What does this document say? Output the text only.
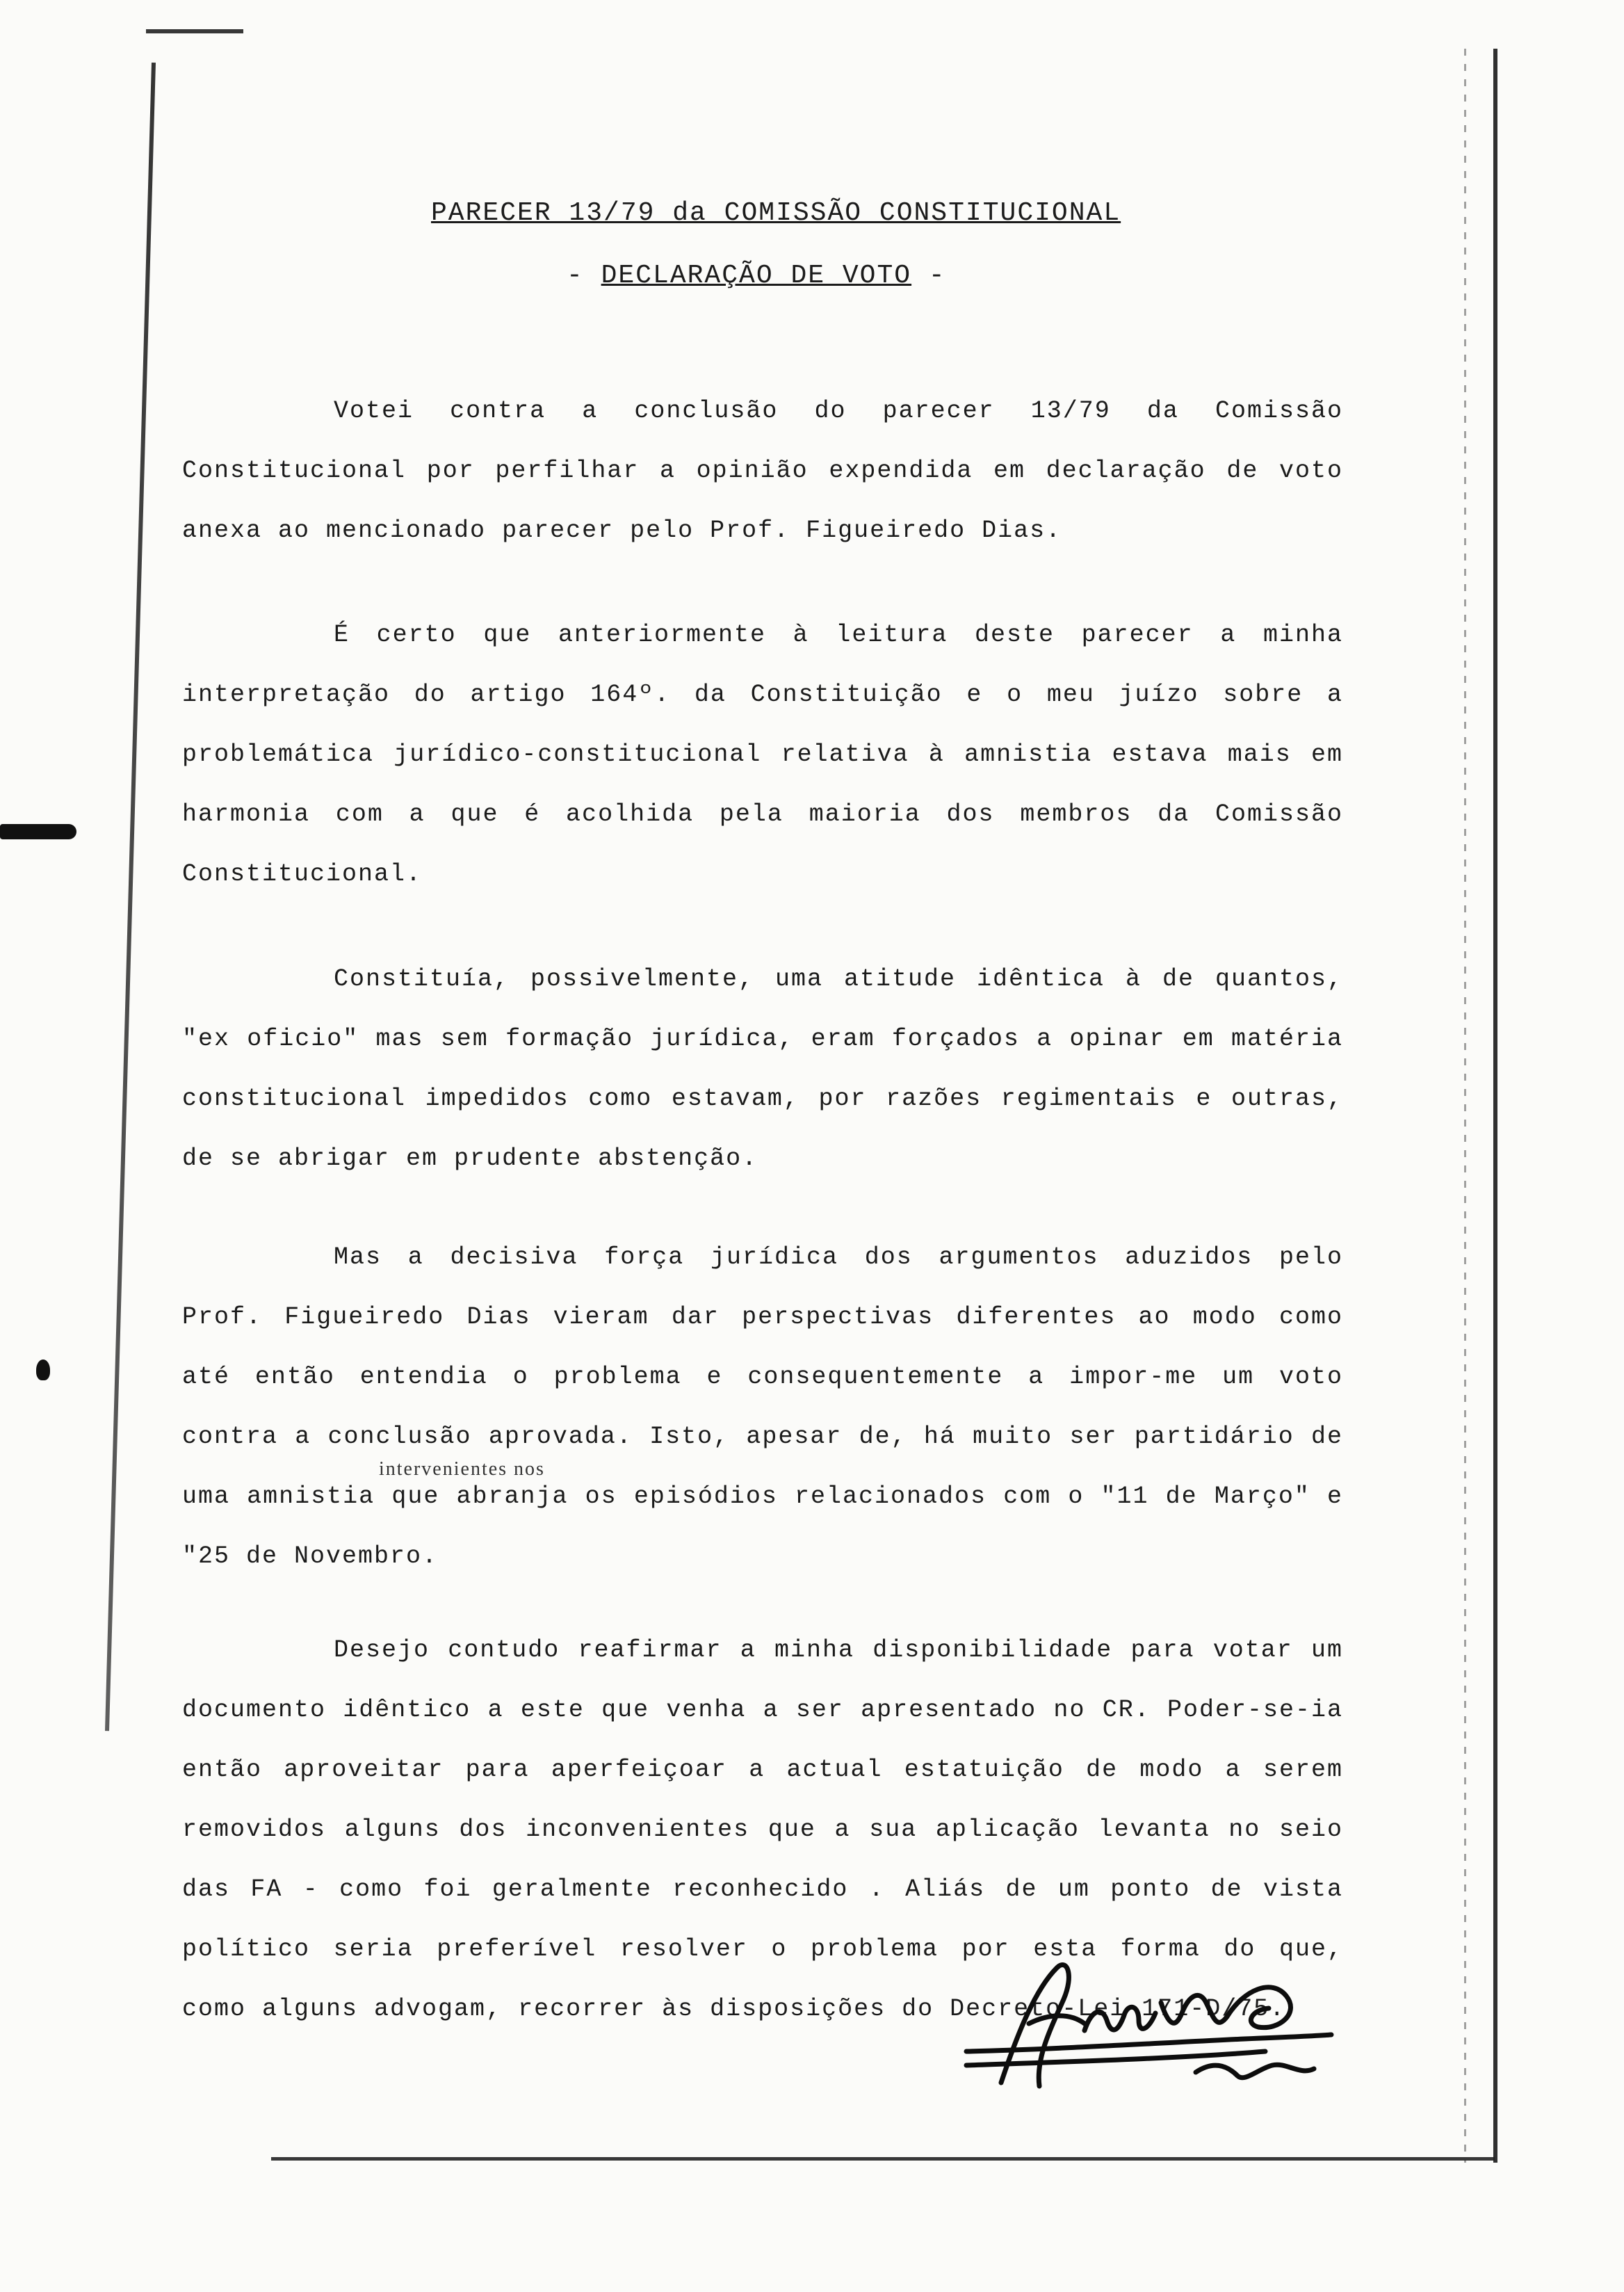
PARECER 13/79 da COMISSÃO CONSTITUCIONAL
- DECLARAÇÃO DE VOTO -

Votei contra a conclusão do parecer 13/79 da Comissão Constitucional por perfilhar a opinião expendida em declaração de voto anexa ao mencionado parecer pelo Prof. Figueiredo Dias.

É certo que anteriormente à leitura deste parecer a minha interpretação do artigo 164º. da Constituição e o meu juízo sobre a problemática jurídico-constitucional relativa à amnistia estava mais em harmonia com a que é acolhida pela maioria dos membros da Comissão Constitucional.

Constituía, possivelmente, uma atitude idêntica à de quantos, "ex oficio" mas sem formação jurídica, eram forçados a opinar em matéria constitucional impedidos como estavam, por razões regimentais e outras, de se abrigar em prudente abstenção.

Mas a decisiva força jurídica dos argumentos aduzidos pelo Prof. Figueiredo Dias vieram dar perspectivas diferentes ao modo como até então entendia o problema e consequentemente a impor-me um voto contra a conclusão aprovada. Isto, apesar de, há muito ser partidário de uma amnistia que abranja os episódios relacionados com o "11 de Março" e "25 de Novembro.

intervenientes nos

Desejo contudo reafirmar a minha disponibilidade para votar um documento idêntico a este que venha a ser apresentado no CR. Poder-se-ia então aproveitar para aperfeiçoar a actual estatuição de modo a serem removidos alguns dos inconvenientes que a sua aplicação levanta no seio das FA - como foi geralmente reconhecido . Aliás de um ponto de vista político seria preferível resolver o problema por esta forma do que, como alguns advogam, recorrer às disposições do Decreto-Lei 171-D/75.
